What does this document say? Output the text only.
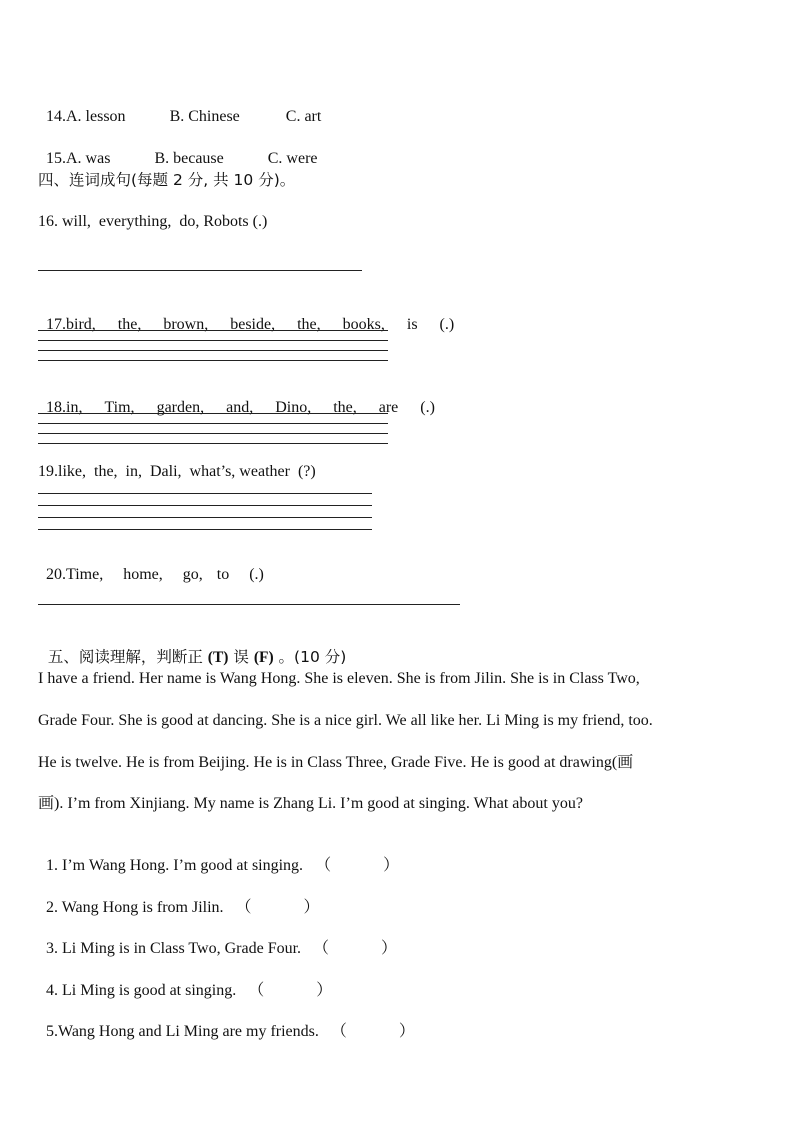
14.A. lesson	B. Chinese	C. art

15.A. was	B. because	C. were

四、连词成句(每题 2 分, 共 10 分)。
16. will,  everything,  do, Robots (.)

17.bird, the, brown, beside, the, books, is (.)

18.in, Tim, garden, and, Dino, the, are (.)

19.like,  the,  in,  Dali,  what’s, weather  (?)

20.Time, home, go, to (.)

五、阅读理解，判断正 (T) 误 (F) 。(10 分)

I have a friend. Her name is Wang Hong. She is eleven. She is from Jilin. She is in Class Two,
Grade Four. She is good at dancing. She is a nice girl. We all like her. Li Ming is my friend, too.
He is twelve. He is from Beijing. He is in Class Three, Grade Five. He is good at drawing(画
画). I’m from Xinjiang. My name is Zhang Li. I’m good at singing. What about you?

1. I’m Wang Hong. I’m good at singing. （	）

2. Wang Hong is from Jilin. （	）

3. Li Ming is in Class Two, Grade Four. （	）

4. Li Ming is good at singing. （	）

5.Wang Hong and Li Ming are my friends. （	）
